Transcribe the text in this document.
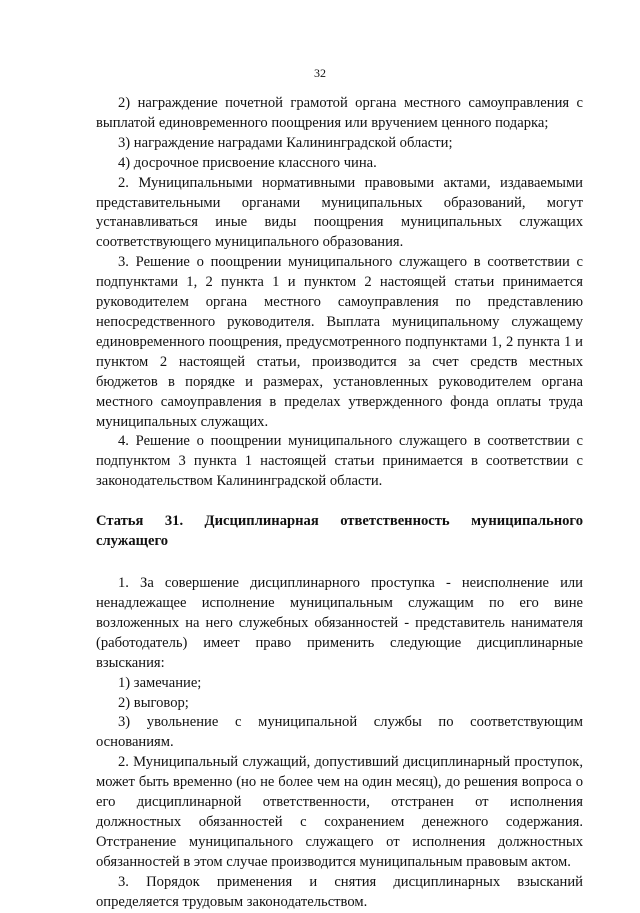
32

2) награждение почетной грамотой органа местного самоуправления с выплатой единовременного поощрения или вручением ценного подарка;

3) награждение наградами Калининградской области;

4) досрочное присвоение классного чина.

2. Муниципальными нормативными правовыми актами, издаваемыми представительными органами муниципальных образований, могут устанавливаться иные виды поощрения муниципальных служащих соответствующего муниципального образования.

3. Решение о поощрении муниципального служащего в соответствии с подпунктами 1, 2 пункта 1 и пунктом 2 настоящей статьи принимается руководителем органа местного самоуправления по представлению непосредственного руководителя. Выплата муниципальному служащему единовременного поощрения, предусмотренного подпунктами 1, 2 пункта 1 и пунктом 2 настоящей статьи, производится за счет средств местных бюджетов в порядке и размерах, установленных руководителем органа местного самоуправления в пределах утвержденного фонда оплаты труда муниципальных служащих.

4. Решение о поощрении муниципального служащего в соответствии с подпунктом 3 пункта 1 настоящей статьи принимается в соответствии с законодательством Калининградской области.

Статья 31. Дисциплинарная ответственность муниципального служащего

1. За совершение дисциплинарного проступка - неисполнение или ненадлежащее исполнение муниципальным служащим по его вине возложенных на него служебных обязанностей - представитель нанимателя (работодатель) имеет право применить следующие дисциплинарные взыскания:

1) замечание;

2) выговор;

3) увольнение с муниципальной службы по соответствующим основаниям.

2. Муниципальный служащий, допустивший дисциплинарный проступок, может быть временно (но не более чем на один месяц), до решения вопроса о его дисциплинарной ответственности, отстранен от исполнения должностных обязанностей с сохранением денежного содержания. Отстранение муниципального служащего от исполнения должностных обязанностей в этом случае производится муниципальным правовым актом.

3. Порядок применения и снятия дисциплинарных взысканий определяется трудовым законодательством.
